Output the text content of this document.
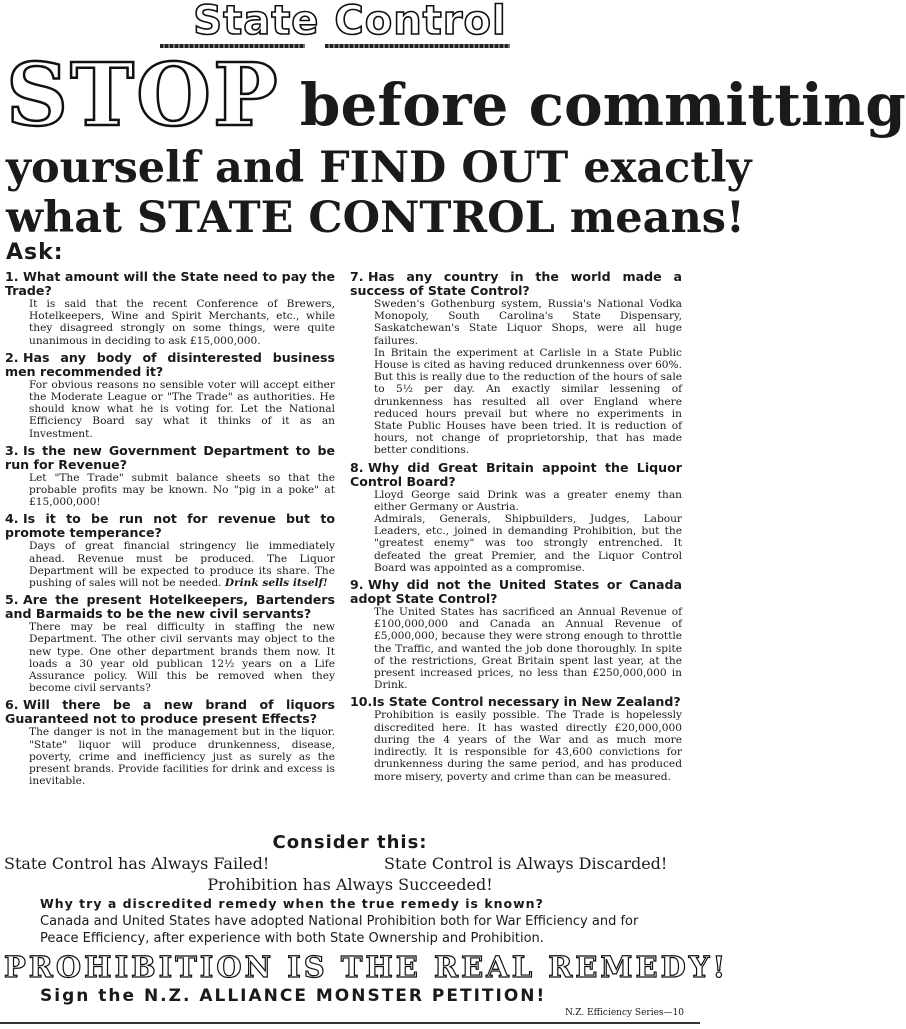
State Control
STOP before committing
yourself and FIND OUT exactly
what STATE CONTROL means!
Ask:
1. What amount will the State need to pay the Trade?

It is said that the recent Conference of Brewers, Hotelkeepers, Wine and Spirit Merchants, etc., while they disagreed strongly on some things, were quite unanimous in deciding to ask £15,000,000.

2. Has any body of disinterested business men recommended it?

For obvious reasons no sensible voter will accept either the Moderate League or "The Trade" as authorities. He should know what he is voting for. Let the National Efficiency Board say what it thinks of it as an Investment.

3. Is the new Government Department to be run for Revenue?

Let "The Trade" submit balance sheets so that the probable profits may be known. No "pig in a poke" at £15,000,000!

4. Is it to be run not for revenue but to promote temperance?

Days of great financial stringency lie immediately ahead. Revenue must be produced. The Liquor Department will be expected to produce its share. The pushing of sales will not be needed. Drink sells itself!

5. Are the present Hotelkeepers, Bartenders and Barmaids to be the new civil servants?

There may be real difficulty in staffing the new Department. The other civil servants may object to the new type. One other department brands them now. It loads a 30 year old publican 12½ years on a Life Assurance policy. Will this be removed when they become civil servants?

6. Will there be a new brand of liquors Guaranteed not to produce present Effects?

The danger is not in the management but in the liquor. "State" liquor will produce drunkenness, disease, poverty, crime and inefficiency just as surely as the present brands. Provide facilities for drink and excess is inevitable.

7. Has any country in the world made a success of State Control?

Sweden's Gothenburg system, Russia's National Vodka Monopoly, South Carolina's State Dispensary, Saskatchewan's State Liquor Shops, were all huge failures.

In Britain the experiment at Carlisle in a State Public House is cited as having reduced drunkenness over 60%. But this is really due to the reduction of the hours of sale to 5½ per day. An exactly similar lessening of drunkenness has resulted all over England where reduced hours prevail but where no experiments in State Public Houses have been tried. It is reduction of hours, not change of proprietorship, that has made better conditions.

8. Why did Great Britain appoint the Liquor Control Board?

Lloyd George said Drink was a greater enemy than either Germany or Austria.

Admirals, Generals, Shipbuilders, Judges, Labour Leaders, etc., joined in demanding Prohibition, but the "greatest enemy" was too strongly entrenched. It defeated the great Premier, and the Liquor Control Board was appointed as a compromise.

9. Why did not the United States or Canada adopt State Control?

The United States has sacrificed an Annual Revenue of £100,000,000 and Canada an Annual Revenue of £5,000,000, because they were strong enough to throttle the Traffic, and wanted the job done thoroughly. In spite of the restrictions, Great Britain spent last year, at the present increased prices, no less than £250,000,000 in Drink.

10.Is State Control necessary in New Zealand?

Prohibition is easily possible. The Trade is hopelessly discredited here. It has wasted directly £20,000,000 during the 4 years of the War and as much more indirectly. It is responsible for 43,600 convictions for drunkenness during the same period, and has produced more misery, poverty and crime than can be measured.

Consider this:
State Control has Always Failed!	State Control is Always Discarded!
Prohibition has Always Succeeded!
Why try a discredited remedy when the true remedy is known?
Canada and United States have adopted National Prohibition both for War Efficiency and for Peace Efficiency, after experience with both State Ownership and Prohibition.
PROHIBITION IS THE REAL REMEDY!
Sign the N.Z. ALLIANCE MONSTER PETITION!
N.Z. Efficiency Series—10
